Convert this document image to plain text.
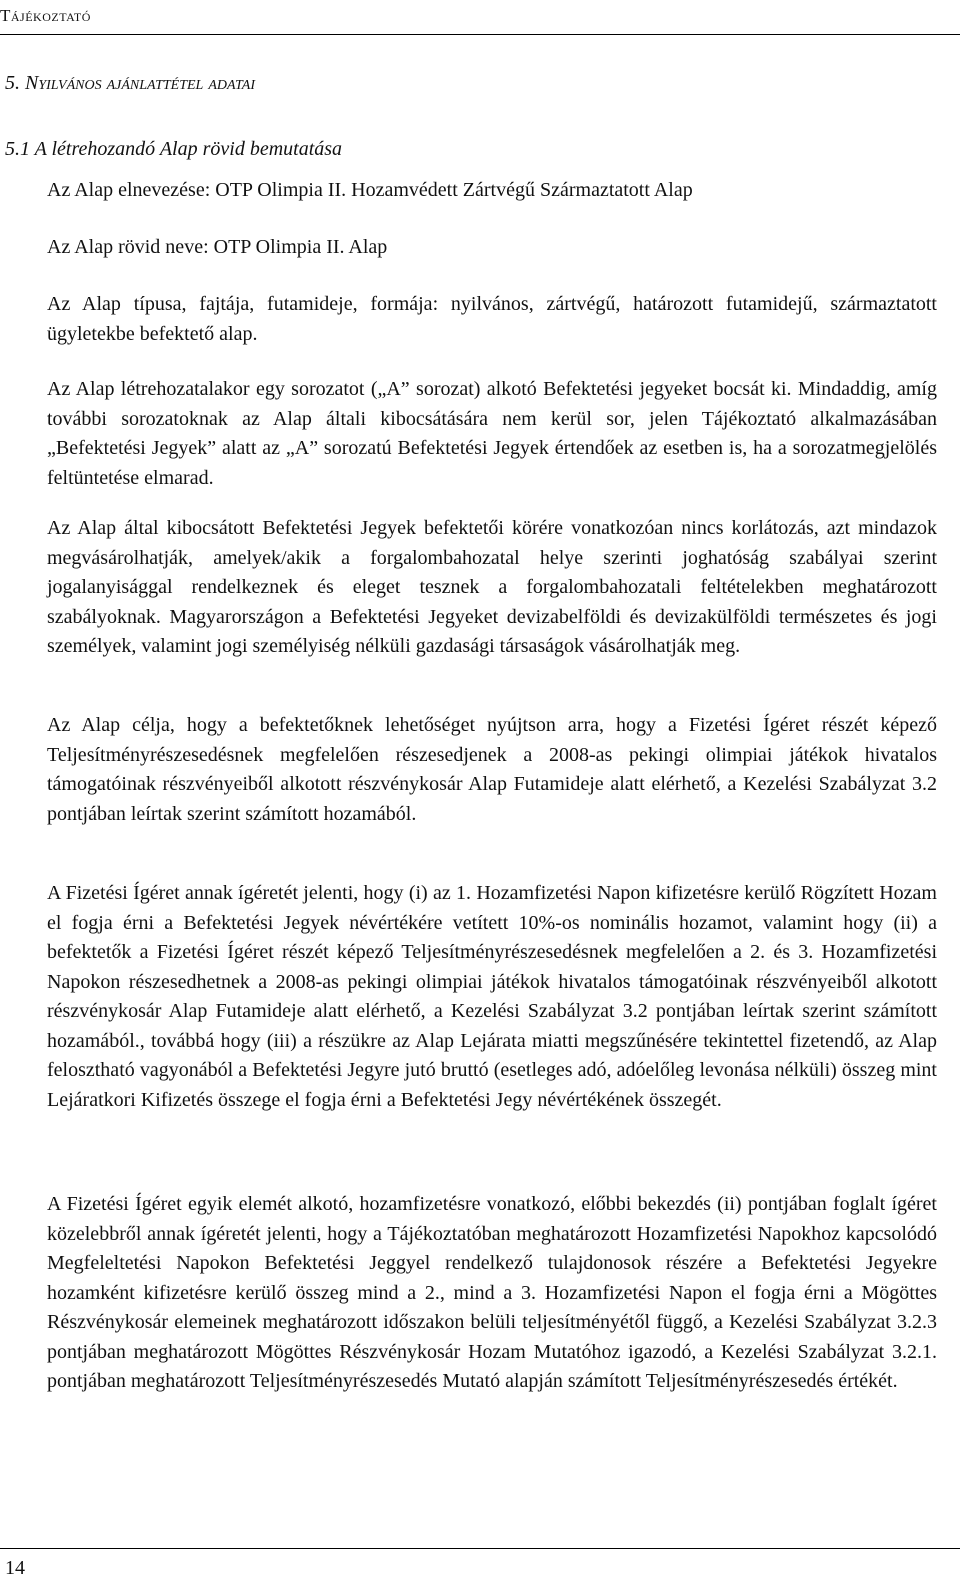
Tájékoztató
5. Nyilvános ajánlattétel adatai
5.1 A létrehozandó Alap rövid bemutatása
Az Alap elnevezése: OTP Olimpia II. Hozamvédett Zártvégű Származtatott Alap
Az Alap rövid neve: OTP Olimpia II. Alap

Az Alap típusa, fajtája, futamideje, formája: nyilvános, zártvégű, határozott futamidejű, származtatott ügyletekbe befektető alap.

Az Alap létrehozatalakor egy sorozatot („A” sorozat) alkotó Befektetési jegyeket bocsát ki. Mindaddig, amíg további sorozatoknak az Alap általi kibocsátására nem kerül sor, jelen Tájékoztató alkalmazásában „Befektetési Jegyek” alatt az „A” sorozatú Befektetési Jegyek értendőek az esetben is, ha a sorozatmegjelölés feltüntetése elmarad.

Az Alap által kibocsátott Befektetési Jegyek befektetői körére vonatkozóan nincs korlátozás, azt mindazok megvásárolhatják, amelyek/akik a forgalombahozatal helye szerinti joghatóság szabályai szerint jogalanyisággal rendelkeznek és eleget tesznek a forgalombahozatali feltételekben meghatározott szabályoknak. Magyarországon a Befektetési Jegyeket devizabelföldi és devizakülföldi természetes és jogi személyek, valamint jogi személyiség nélküli gazdasági társaságok vásárolhatják meg.

Az Alap célja, hogy a befektetőknek lehetőséget nyújtson arra, hogy a Fizetési Ígéret részét képező Teljesítményrészesedésnek megfelelően részesedjenek a 2008-as pekingi olimpiai játékok hivatalos támogatóinak részvényeiből alkotott részvénykosár Alap Futamideje alatt elérhető, a Kezelési Szabályzat 3.2 pontjában leírtak szerint számított hozamából.

A Fizetési Ígéret annak ígéretét jelenti, hogy (i) az 1. Hozamfizetési Napon kifizetésre kerülő Rögzített Hozam el fogja érni a Befektetési Jegyek névértékére vetített 10%-os nominális hozamot, valamint hogy (ii) a befektetők a Fizetési Ígéret részét képező Teljesítményrészesedésnek megfelelően a 2. és 3. Hozamfizetési Napokon részesedhetnek a 2008-as pekingi olimpiai játékok hivatalos támogatóinak részvényeiből alkotott részvénykosár Alap Futamideje alatt elérhető, a Kezelési Szabályzat 3.2 pontjában leírtak szerint számított hozamából., továbbá hogy (iii) a részükre az Alap Lejárata miatti megszűnésére tekintettel fizetendő, az Alap felosztható vagyonából a Befektetési Jegyre jutó bruttó (esetleges adó, adóelőleg levonása nélküli) összeg mint Lejáratkori Kifizetés összege el fogja érni a Befektetési Jegy névértékének összegét.

A Fizetési Ígéret egyik elemét alkotó, hozamfizetésre vonatkozó, előbbi bekezdés (ii) pontjában foglalt ígéret közelebbről annak ígéretét jelenti, hogy a Tájékoztatóban meghatározott Hozamfizetési Napokhoz kapcsolódó Megfeleltetési Napokon Befektetési Jeggyel rendelkező tulajdonosok részére a Befektetési Jegyekre hozamként kifizetésre kerülő összeg mind a 2., mind a 3. Hozamfizetési Napon el fogja érni a Mögöttes Részvénykosár elemeinek meghatározott időszakon belüli teljesítményétől függő, a Kezelési Szabályzat 3.2.3 pontjában meghatározott Mögöttes Részvénykosár Hozam Mutatóhoz igazodó, a Kezelési Szabályzat 3.2.1. pontjában meghatározott Teljesítményrészesedés Mutató alapján számított Teljesítményrészesedés értékét.

14
